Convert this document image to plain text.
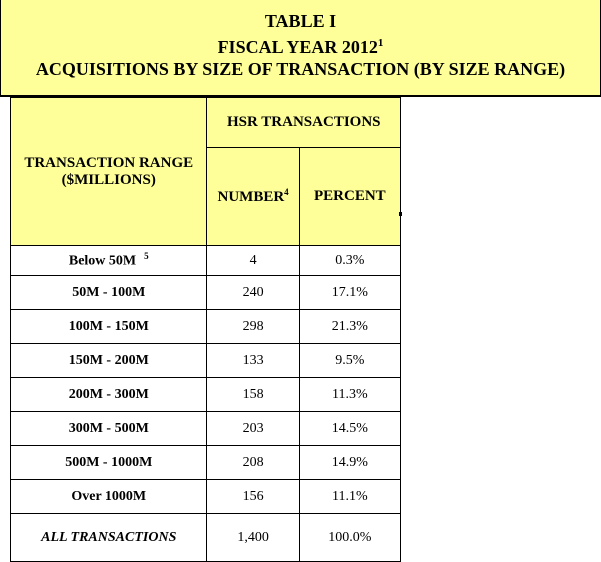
TABLE I
FISCAL YEAR 2012$^1$
ACQUISITIONS BY SIZE OF TRANSACTION (BY SIZE RANGE)
TRANSACTION RANGE
($MILLIONS)	HSR TRANSACTIONS	
	NUMBER$^4$	PERCENT
Below 50M $^5$	4	0.3%
50M - 100M	240	17.1%
100M - 150M	298	21.3%
150M - 200M	133	9.5%
200M - 300M	158	11.3%
300M - 500M	203	14.5%
500M - 1000M	208	14.9%
Over 1000M	156	11.1%
ALL TRANSACTIONS	1,400	100.0%
